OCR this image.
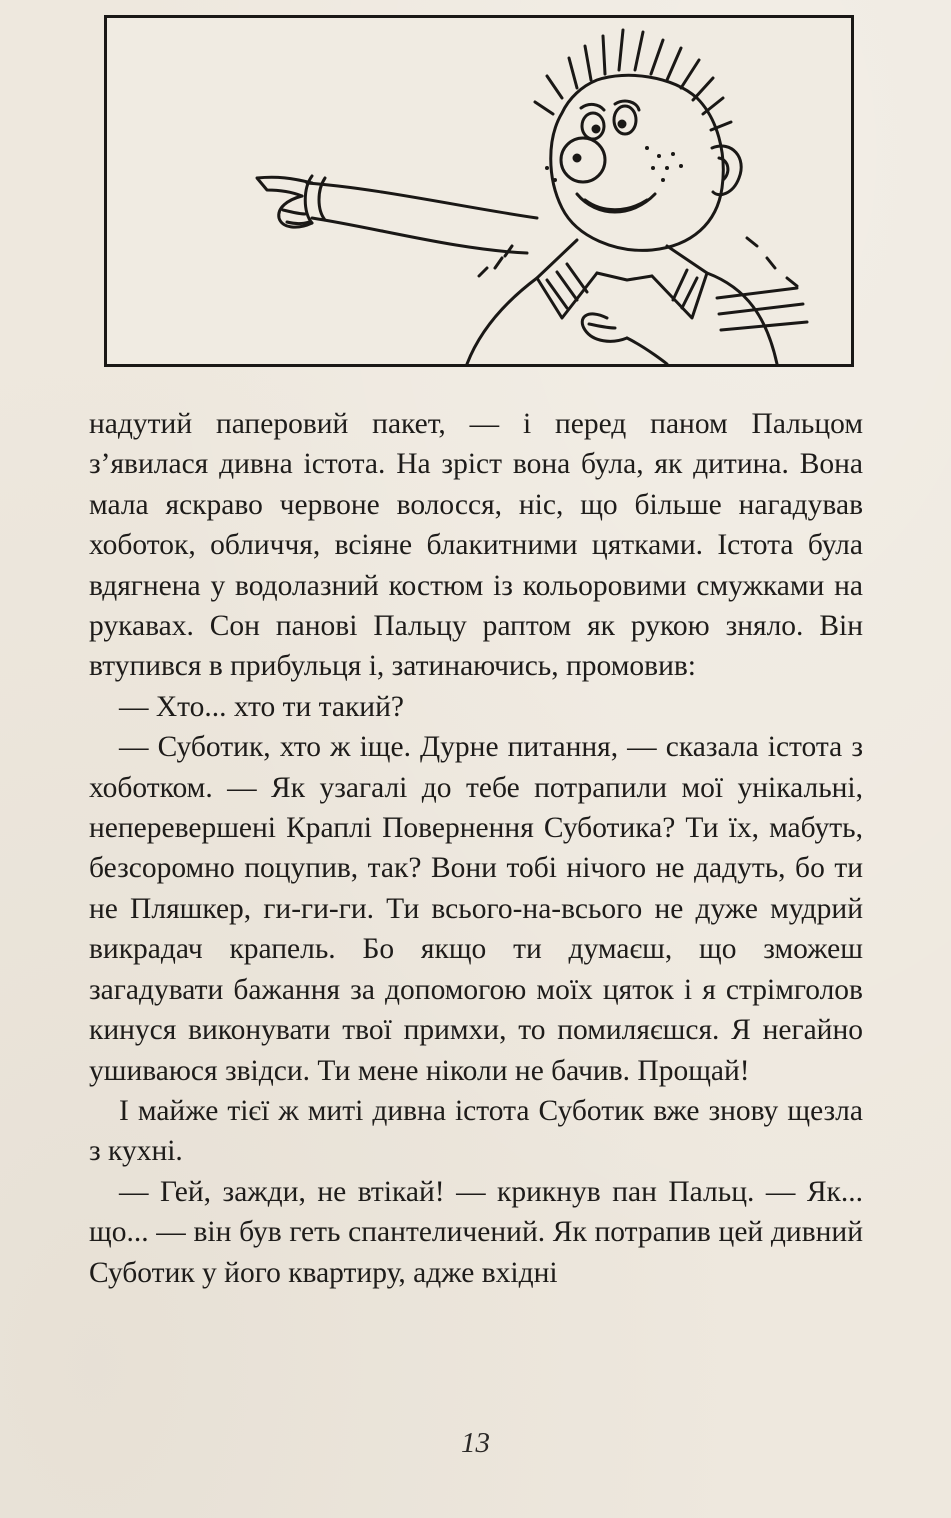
надутий паперовий пакет, — і перед паном Пальцом з’явилася дивна істота. На зріст вона була, як дитина. Вона мала яскраво червоне волосся, ніс, що більше нагадував хоботок, обличчя, всіяне блакитними цятками. Істота була вдягнена у водолазний костюм із кольоровими смужками на рукавах. Сон панові Пальцу раптом як рукою зняло. Він втупився в прибульця і, затинаючись, промовив:

— Хто... хто ти такий?

— Суботик, хто ж іще. Дурне питання, — сказала істота з хоботком. — Як узагалі до тебе потрапили мої унікальні, неперевершені Краплі Повернення Суботика? Ти їх, мабуть, безсоромно поцупив, так? Вони тобі нічого не дадуть, бо ти не Пляшкер, ги-ги-ги. Ти всього-на-всього не дуже мудрий викрадач крапель. Бо якщо ти думаєш, що зможеш загадувати бажання за допомогою моїх цяток і я стрімголов кинуся виконувати твої примхи, то помиляєшся. Я негайно ушиваюся звідси. Ти мене ніколи не бачив. Прощай!

І майже тієї ж миті дивна істота Суботик вже знову щезла з кухні.

— Гей, зажди, не втікай! — крикнув пан Пальц. — Як... що... — він був геть спантеличений. Як потрапив цей дивний Суботик у його квартиру, адже вхідні

13
